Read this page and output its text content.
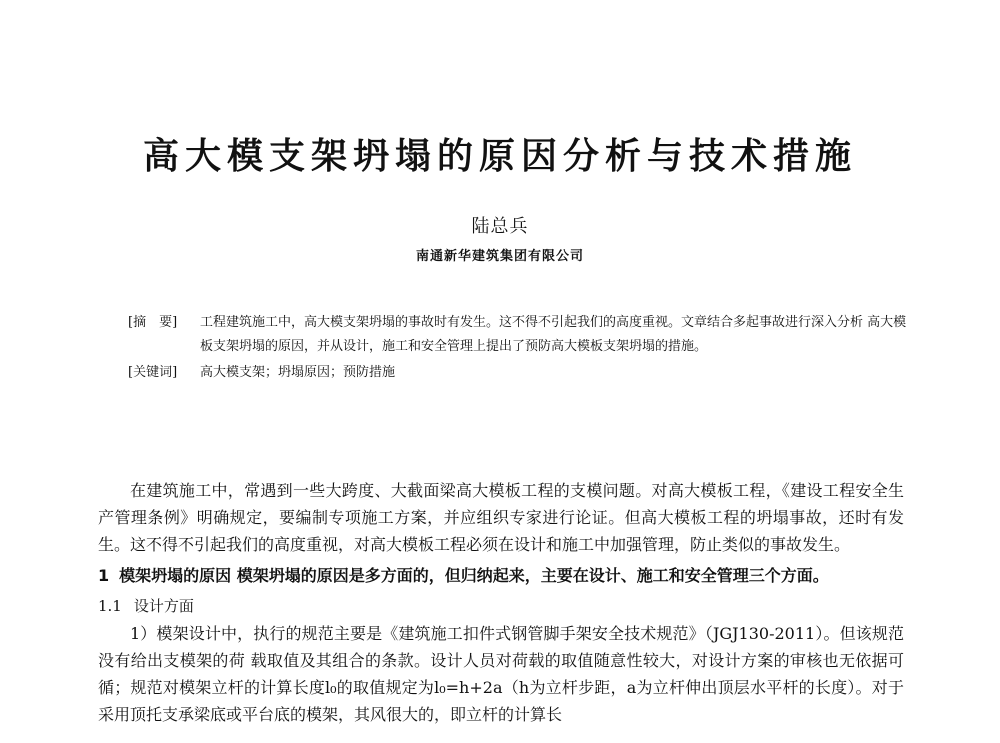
高大模支架坍塌的原因分析与技术措施
陆总兵
南通新华建筑集团有限公司
[摘　要]	工程建筑施工中，高大模支架坍塌的事故时有发生。这不得不引起我们的高度重视。文章结合多起事故进行深入分析 高大模板支架坍塌的原因，并从设计，施工和安全管理上提出了预防高大模板支架坍塌的措施。
[关键词]	高大模支架；坍塌原因；预防措施

在建筑施工中，常遇到一些大跨度、大截面梁高大模板工程的支模问题。对高大模板工程，《建设工程安全生产管理条例》明确规定，要编制专项施工方案，并应组织专家进行论证。但高大模板工程的坍塌事故，还时有发生。这不得不引起我们的高度重视，对高大模板工程必须在设计和施工中加强管理，防止类似的事故发生。

1 模架坍塌的原因 模架坍塌的原因是多方面的，但归纳起来，主要在设计、施工和安全管理三个方面。
1.1 设计方面

1）模架设计中，执行的规范主要是《建筑施工扣件式钢管脚手架安全技术规范》（JGJ130-2011）。但该规范没有给出支模架的荷 载取值及其组合的条款。设计人员对荷载的取值随意性较大，对设计方案的审核也无依据可循；规范对模架立杆的计算长度l₀的取值规定为l₀=h+2a（h为立杆步距，a为立杆伸出顶层水平杆的长度）。对于采用顶托支承梁底或平台底的模架，其风很大的，即立杆的计算长
